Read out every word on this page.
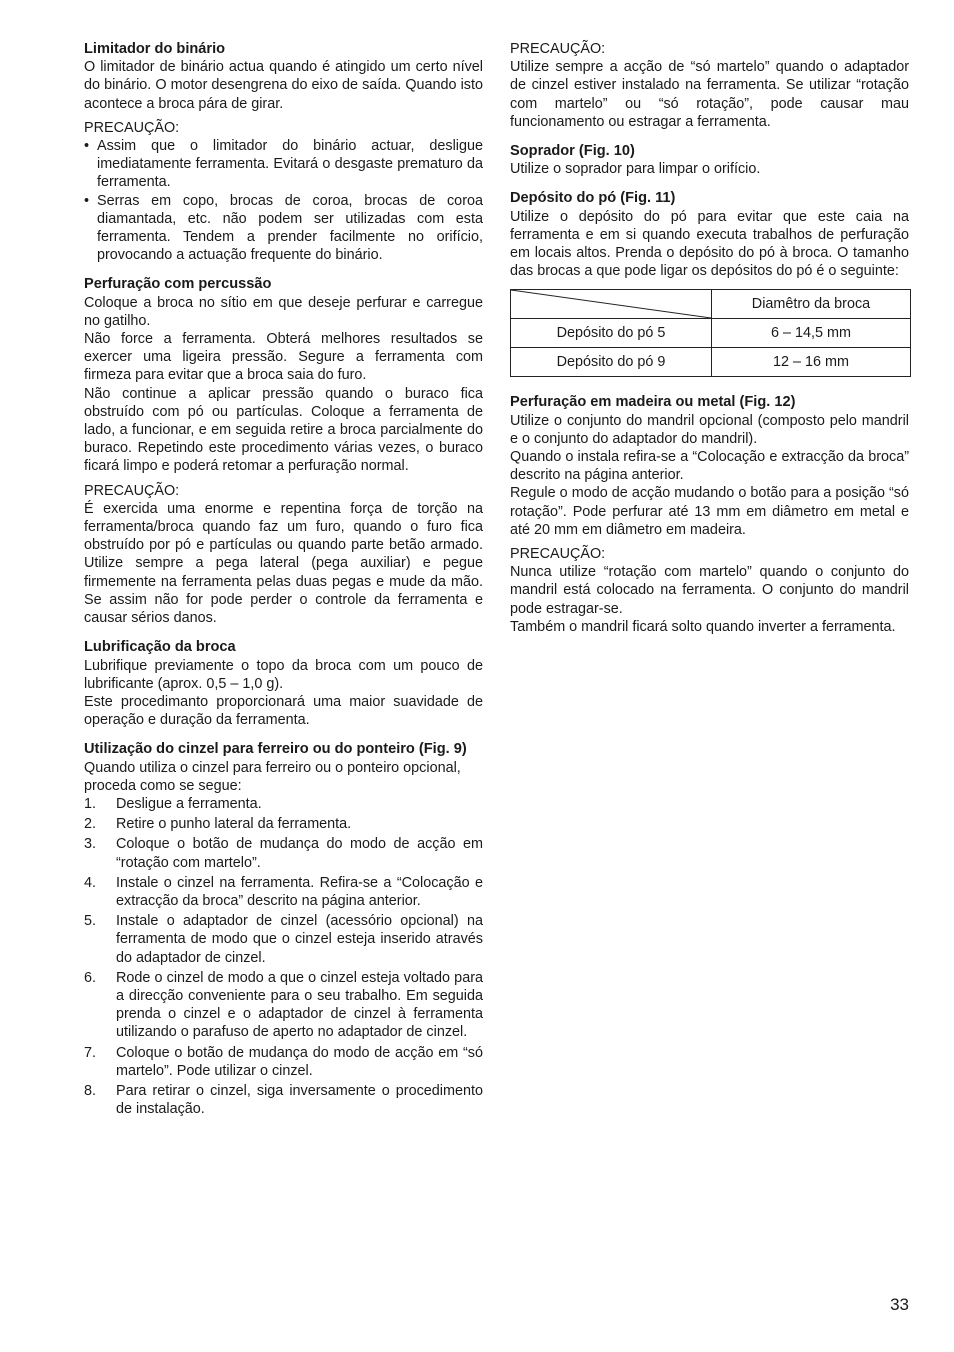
Limitador do binário

O limitador de binário actua quando é atingido um certo nível do binário. O motor desengrena do eixo de saída. Quando isto acontece a broca pára de girar.

PRECAUÇÃO:

• Assim que o limitador do binário actuar, desligue imediatamente ferramenta. Evitará o desgaste prematuro da ferramenta.
• Serras em copo, brocas de coroa, brocas de coroa diamantada, etc. não podem ser utilizadas com esta ferramenta. Tendem a prender facilmente no orifício, provocando a actuação frequente do binário.
Perfuração com percussão

Coloque a broca no sítio em que deseje perfurar e carregue no gatilho.

Não force a ferramenta. Obterá melhores resultados se exercer uma ligeira pressão. Segure a ferramenta com firmeza para evitar que a broca saia do furo.

Não continue a aplicar pressão quando o buraco fica obstruído com pó ou partículas. Coloque a ferramenta de lado, a funcionar, e em seguida retire a broca parcialmente do buraco. Repetindo este procedimento várias vezes, o buraco ficará limpo e poderá retomar a perfuração normal.

PRECAUÇÃO:

É exercida uma enorme e repentina força de torção na ferramenta/broca quando faz um furo, quando o furo fica obstruído por pó e partículas ou quando parte betão armado. Utilize sempre a pega lateral (pega auxiliar) e pegue firmemente na ferramenta pelas duas pegas e mude da mão. Se assim não for pode perder o controle da ferramenta e causar sérios danos.

Lubrificação da broca

Lubrifique previamente o topo da broca com um pouco de lubrificante (aprox. 0,5 – 1,0 g).

Este procedimanto proporcionará uma maior suavidade de operação e duração da ferramenta.

Utilização do cinzel para ferreiro ou do ponteiro (Fig. 9)

Quando utiliza o cinzel para ferreiro ou o ponteiro opcional, proceda como se segue:

1.	Desligue a ferramenta.
2.	Retire o punho lateral da ferramenta.
3.	Coloque o botão de mudança do modo de acção em “rotação com martelo”.
4.	Instale o cinzel na ferramenta. Refira-se a “Colocação e extracção da broca” descrito na página anterior.
5.	Instale o adaptador de cinzel (acessório opcional) na ferramenta de modo que o cinzel esteja inserido através do adaptador de cinzel.
6.	Rode o cinzel de modo a que o cinzel esteja voltado para a direcção conveniente para o seu trabalho. Em seguida prenda o cinzel e o adaptador de cinzel à ferramenta utilizando o parafuso de aperto no adaptador de cinzel.
7.	Coloque o botão de mudança do modo de acção em “só martelo”. Pode utilizar o cinzel.
8.	Para retirar o cinzel, siga inversamente o procedimento de instalação.

PRECAUÇÃO:

Utilize sempre a acção de “só martelo” quando o adaptador de cinzel estiver instalado na ferramenta. Se utilizar “rotação com martelo” ou “só rotação”, pode causar mau funcionamento ou estragar a ferramenta.

Soprador (Fig. 10)

Utilize o soprador para limpar o orifício.

Depósito do pó (Fig. 11)

Utilize o depósito do pó para evitar que este caia na ferramenta e em si quando executa trabalhos de perfuração em locais altos. Prenda o depósito do pó à broca. O tamanho das brocas a que pode ligar os depósitos do pó é o seguinte:

	Diamêtro da broca
Depósito do pó 5	6 – 14,5 mm
Depósito do pó 9	12 – 16 mm
Perfuração em madeira ou metal (Fig. 12)

Utilize o conjunto do mandril opcional (composto pelo mandril e o conjunto do adaptador do mandril).

Quando o instala refira-se a “Colocação e extracção da broca” descrito na página anterior.

Regule o modo de acção mudando o botão para a posição “só rotação”. Pode perfurar até 13 mm em diâmetro em metal e até 20 mm em diâmetro em madeira.

PRECAUÇÃO:

Nunca utilize “rotação com martelo” quando o conjunto do mandril está colocado na ferramenta. O conjunto do mandril pode estragar-se.

Também o mandril ficará solto quando inverter a ferramenta.

33
